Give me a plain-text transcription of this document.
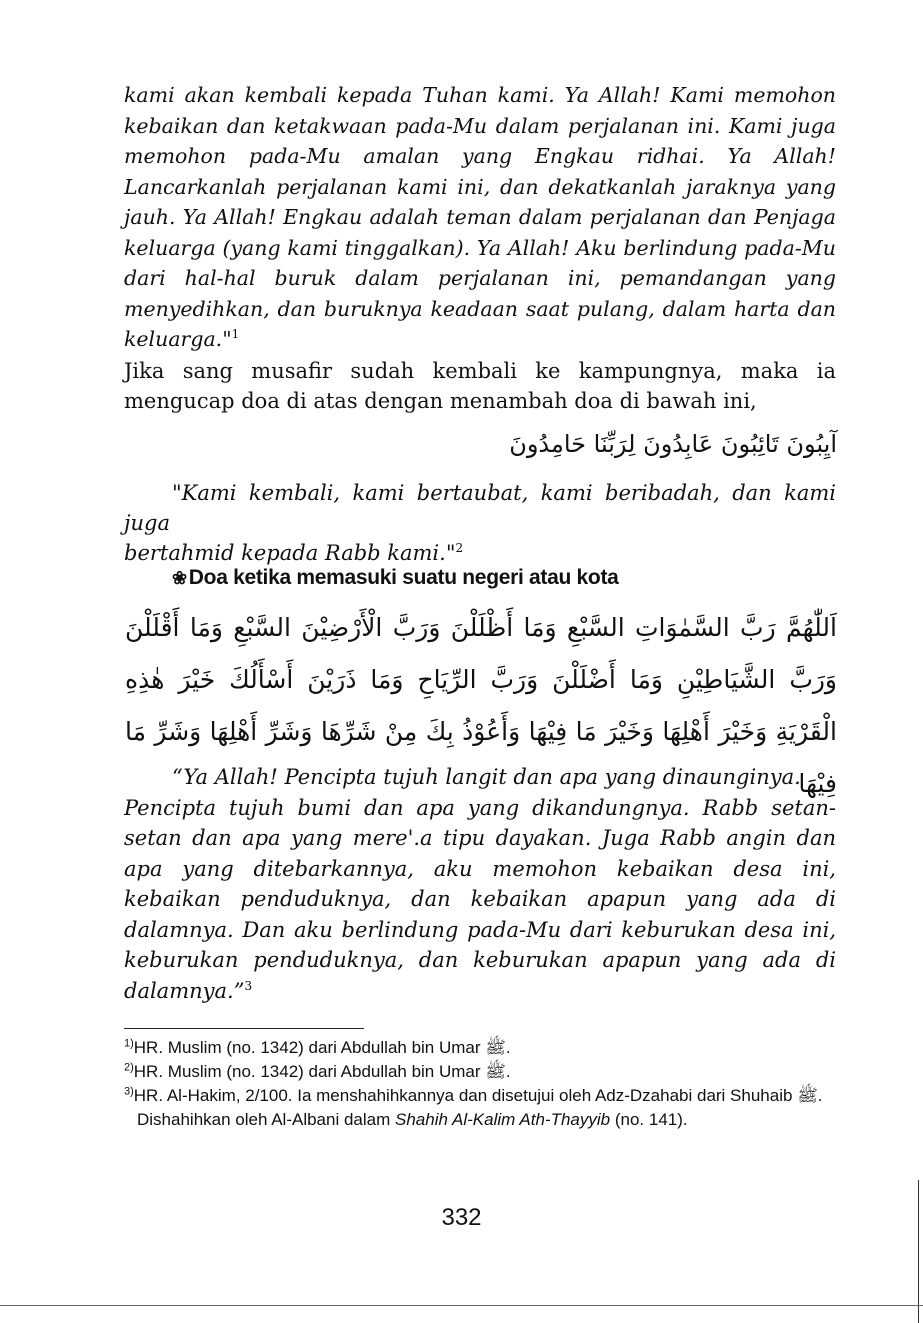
kami akan kembali kepada Tuhan kami. Ya Allah! Kami memohon kebaikan dan ketakwaan pada-Mu dalam perjalanan ini. Kami juga memohon pada-Mu amalan yang Engkau ridhai. Ya Allah! Lancarkanlah perjalanan kami ini, dan dekatkanlah jaraknya yang jauh. Ya Allah! Engkau adalah teman dalam perjalanan dan Penjaga keluarga (yang kami tinggalkan). Ya Allah! Aku berlindung pada-Mu dari hal-hal buruk dalam perjalanan ini, pemandangan yang menyedihkan, dan buruknya keadaan saat pulang, dalam harta dan keluarga."$^1$

Jika sang musafir sudah kembali ke kampungnya, maka ia mengucap doa di atas dengan menambah doa di bawah ini,

آيِبُونَ تَائِبُونَ عَابِدُونَ لِرَبِّنَا حَامِدُونَ

"Kami kembali, kami bertaubat, kami beribadah, dan kami juga
bertahmid kepada Rabb kami."$^2$

❀Doa ketika memasuki suatu negeri atau kota
اَللّٰهُمَّ رَبَّ السَّمٰوَاتِ السَّبْعِ وَمَا أَظْلَلْنَ وَرَبَّ الْأَرْضِيْنَ السَّبْعِ وَمَا أَقْلَلْنَ وَرَبَّ الشَّيَاطِيْنِ وَمَا أَضْلَلْنَ وَرَبَّ الرِّيَاحِ وَمَا ذَرَيْنَ أَسْأَلُكَ خَيْرَ هٰذِهِ الْقَرْيَةِ وَخَيْرَ أَهْلِهَا وَخَيْرَ مَا فِيْهَا وَأَعُوْذُ بِكَ مِنْ شَرِّهَا وَشَرِّ أَهْلِهَا وَشَرِّ مَا فِيْهَا

“Ya Allah! Pencipta tujuh langit dan apa yang dinaunginya.
Pencipta tujuh bumi dan apa yang dikandungnya. Rabb setan-setan dan apa yang mere'.a tipu dayakan. Juga Rabb angin dan apa yang ditebarkannya, aku memohon kebaikan desa ini, kebaikan penduduknya, dan kebaikan apapun yang ada di dalamnya. Dan aku berlindung pada-Mu dari keburukan desa ini, keburukan penduduknya, dan keburukan apapun yang ada di dalamnya.”$^3$

$^{1)}$HR. Muslim (no. 1342) dari Abdullah bin Umar ﷺ.

$^{2)}$HR. Muslim (no. 1342) dari Abdullah bin Umar ﷺ.

$^{3)}$HR. Al-Hakim, 2/100. Ia menshahihkannya dan disetujui oleh Adz-Dzahabi dari Shuhaib ﷺ. Dishahihkan oleh Al-Albani dalam Shahih Al-Kalim Ath-Thayyib (no. 141).

332
